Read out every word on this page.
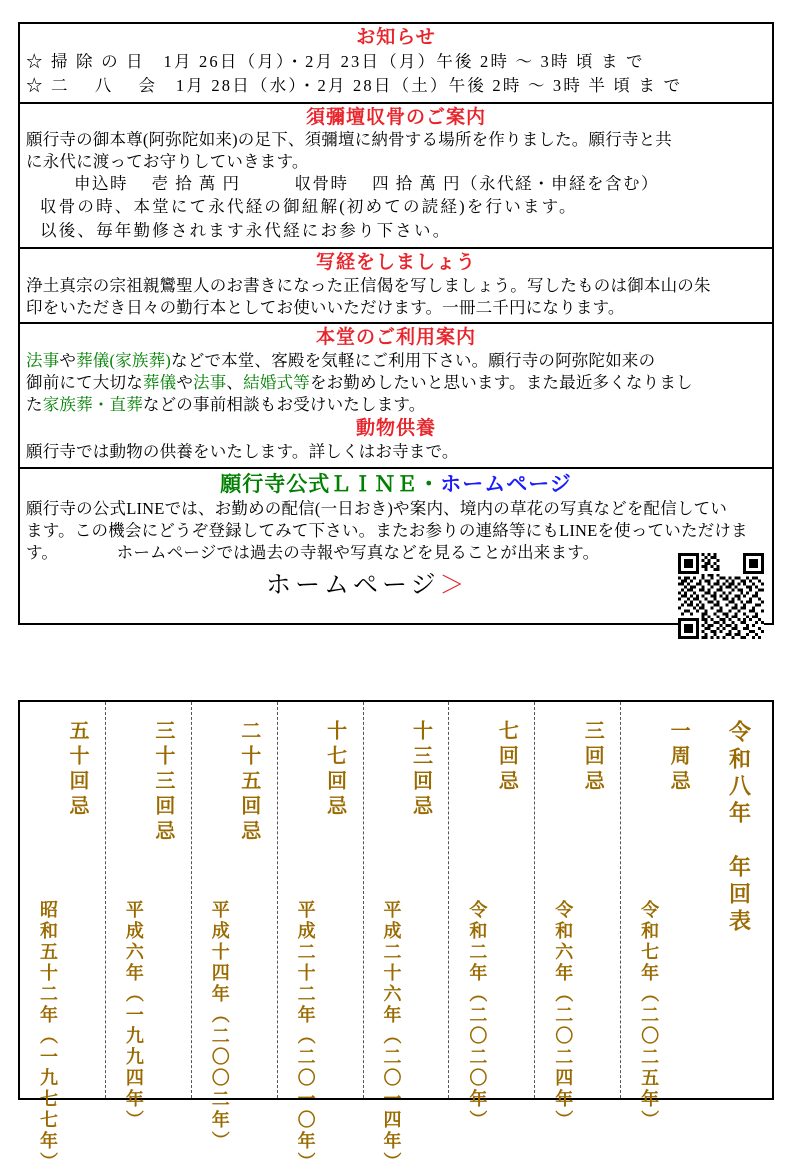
お知らせ
☆ 掃 除 の 日　1月 26日（月）・2月 23日（月）午後 2時 〜 3時 頃 ま で
☆ 二　 八　 会　1月 28日（水）・2月 28日（土）午後 2時 〜 3時 半 頃 ま で
須彌壇収骨のご案内
願行寺の御本尊(阿弥陀如来)の足下、須彌壇に納骨する場所を作りました。願行寺と共
に永代に渡ってお守りしていきます。
申込時　 壱 拾 萬 円　　　収骨時　 四 拾 萬 円（永代経・申経を含む）
収骨の時、本堂にて永代経の御紐解(初めての読経)を行います。
以後、毎年勤修されます永代経にお参り下さい。
写経をしましょう
浄土真宗の宗祖親鸞聖人のお書きになった正信偈を写しましょう。写したものは御本山の朱
印をいただき日々の勤行本としてお使いいただけます。一冊二千円になります。
本堂のご利用案内
法事や葬儀(家族葬)などで本堂、客殿を気軽にご利用下さい。願行寺の阿弥陀如来の
御前にて大切な葬儀や法事、結婚式等をお勤めしたいと思います。また最近多くなりまし
た家族葬・直葬などの事前相談もお受けいたします。
動物供養
願行寺では動物の供養をいたします。詳しくはお寺まで。
願行寺公式ＬＩＮＥ・ホームページ
願行寺の公式LINEでは、お勤めの配信(一日おき)や案内、境内の草花の写真などを配信してい
ます。この機会にどうぞ登録してみて下さい。またお参りの連絡等にもLINEを使っていただけま
す。　　　　ホームページでは過去の寺報や写真などを見ることが出来ます。
ホームページ＞
令和八年　年回表
令和七年（二〇二五年）
一周忌
令和六年（二〇二四年）
三回忌
令和二年（二〇二〇年）
七回忌
平成二十六年（二〇一四年）
十三回忌
平成二十二年（二〇一〇年）
十七回忌
平成十四年（二〇〇二年）
二十五回忌
平成六年（一九九四年）
三十三回忌
昭和五十二年（一九七七年）
五十回忌
